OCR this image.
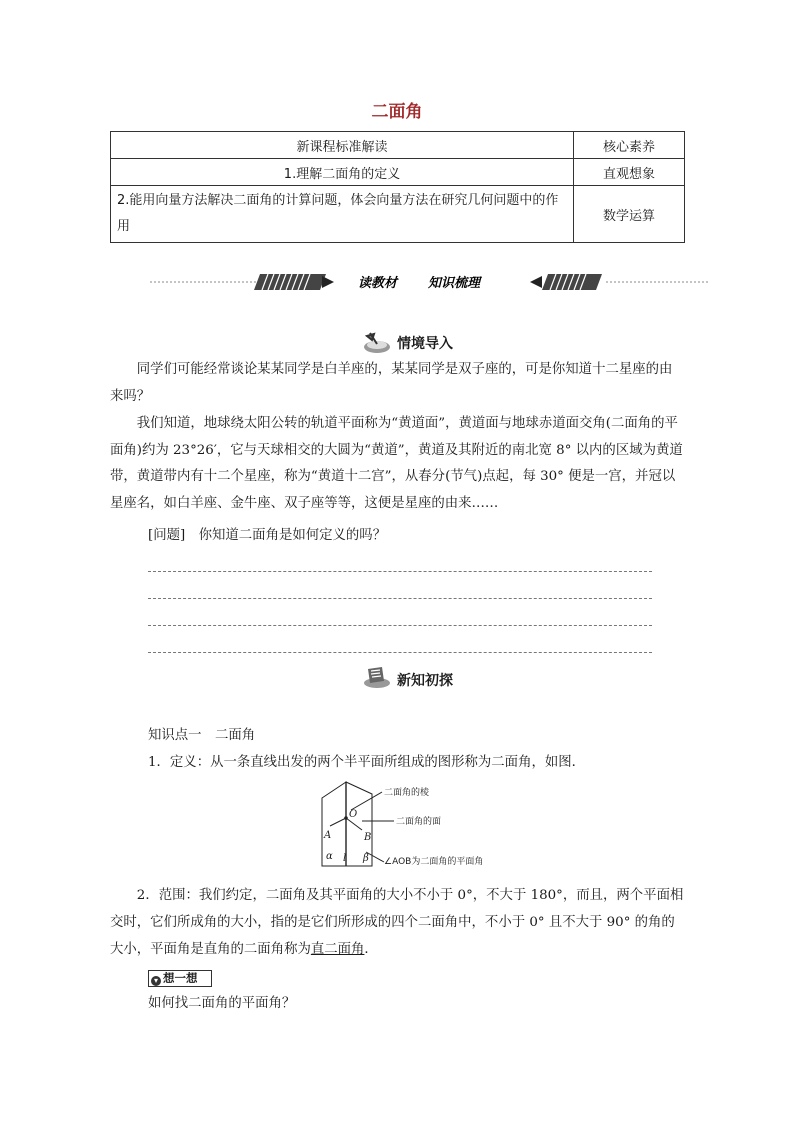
二面角
新课程标准解读	核心素养
1.理解二面角的定义	直观想象
2.能用向量方法解决二面角的计算问题，体会向量方法在研究几何问题中的作用	数学运算
读教材 知识梳理
情境导入

同学们可能经常谈论某某同学是白羊座的，某某同学是双子座的，可是你知道十二星座的由来吗？

我们知道，地球绕太阳公转的轨道平面称为“黄道面”，黄道面与地球赤道面交角(二面角的平面角)约为 23°26′，它与天球相交的大圆为“黄道”，黄道及其附近的南北宽 8° 以内的区域为黄道带，黄道带内有十二个星座，称为“黄道十二宫”，从春分(节气)点起，每 30° 便是一宫，并冠以星座名，如白羊座、金牛座、双子座等等，这便是星座的由来……

[问题]　你知道二面角是如何定义的吗？

新知初探

知识点一　二面角

1．定义：从一条直线出发的两个半平面所组成的图形称为二面角，如图．

O
A	B
α l β
二面角的棱
二面角的面
∠AOB为二面角的平面角

2．范围：我们约定，二面角及其平面角的大小不小于 0°，不大于 180°，而且，两个平面相交时，它们所成角的大小，指的是它们所形成的四个二面角中，不小于 0° 且不大于 90° 的角的大小，平面角是直角的二面角称为直二面角．

▾ 想一想

如何找二面角的平面角？
